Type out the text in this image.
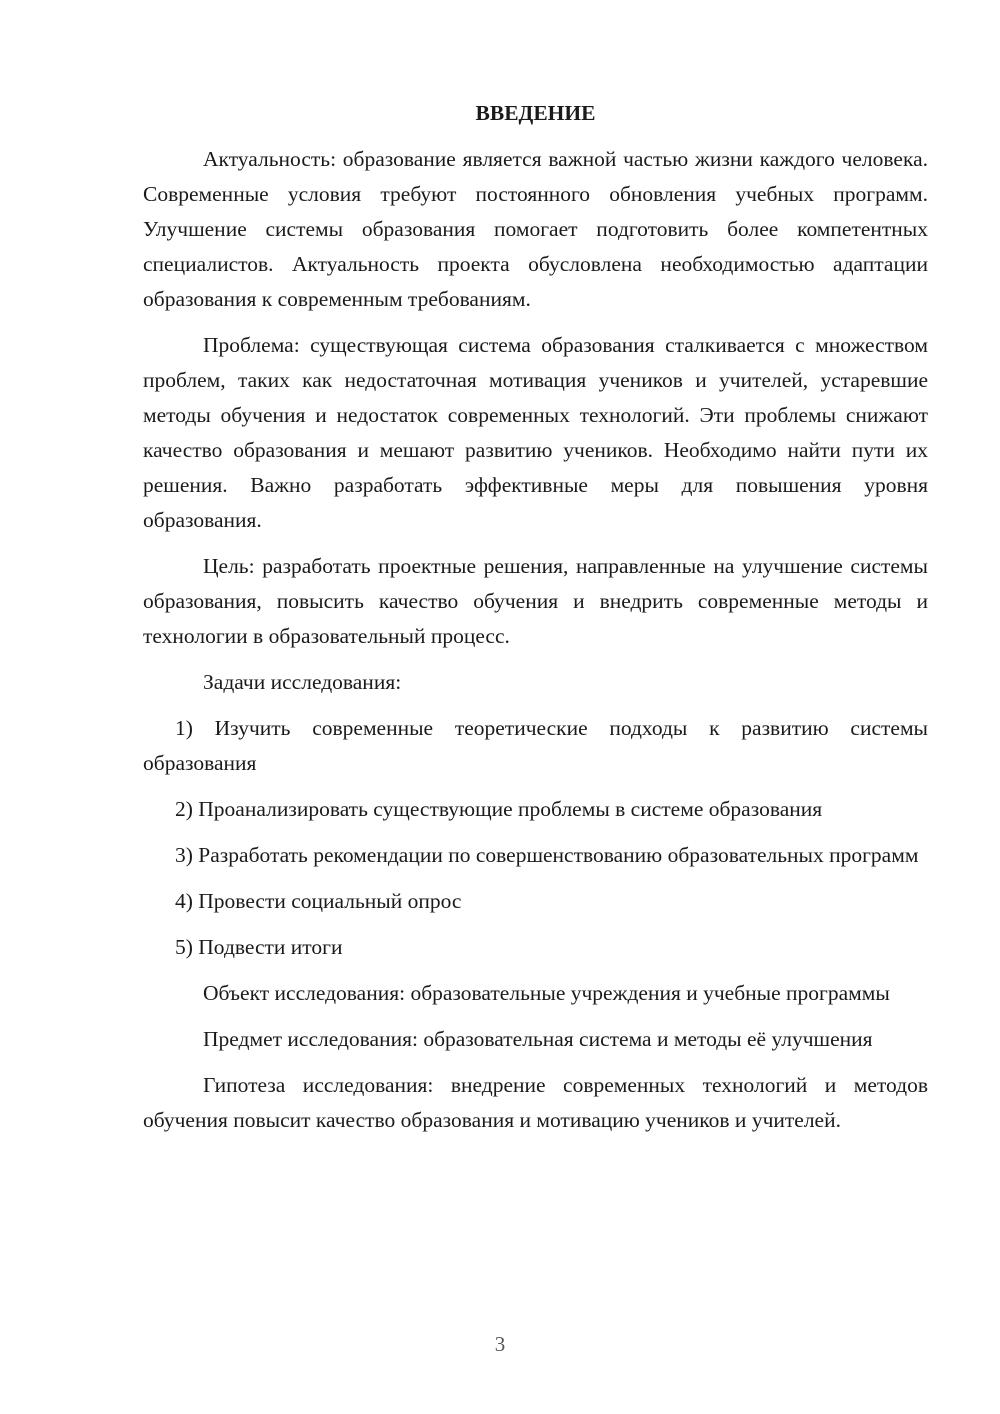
ВВЕДЕНИЕ

Актуальность: образование является важной частью жизни каждого человека. Современные условия требуют постоянного обновления учебных программ. Улучшение системы образования помогает подготовить более компетентных специалистов. Актуальность проекта обусловлена необходимостью адаптации образования к современным требованиям.

Проблема: существующая система образования сталкивается с множеством проблем, таких как недостаточная мотивация учеников и учителей, устаревшие методы обучения и недостаток современных технологий. Эти проблемы снижают качество образования и мешают развитию учеников. Необходимо найти пути их решения. Важно разработать эффективные меры для повышения уровня образования.

Цель: разработать проектные решения, направленные на улучшение системы образования, повысить качество обучения и внедрить современные методы и технологии в образовательный процесс.

Задачи исследования:

1) Изучить современные теоретические подходы к развитию системы образования

2) Проанализировать существующие проблемы в системе образования

3) Разработать рекомендации по совершенствованию образовательных программ

4) Провести социальный опрос

5) Подвести итоги

Объект исследования: образовательные учреждения и учебные программы

Предмет исследования: образовательная система и методы её улучшения

Гипотеза исследования: внедрение современных технологий и методов обучения повысит качество образования и мотивацию учеников и учителей.

3
